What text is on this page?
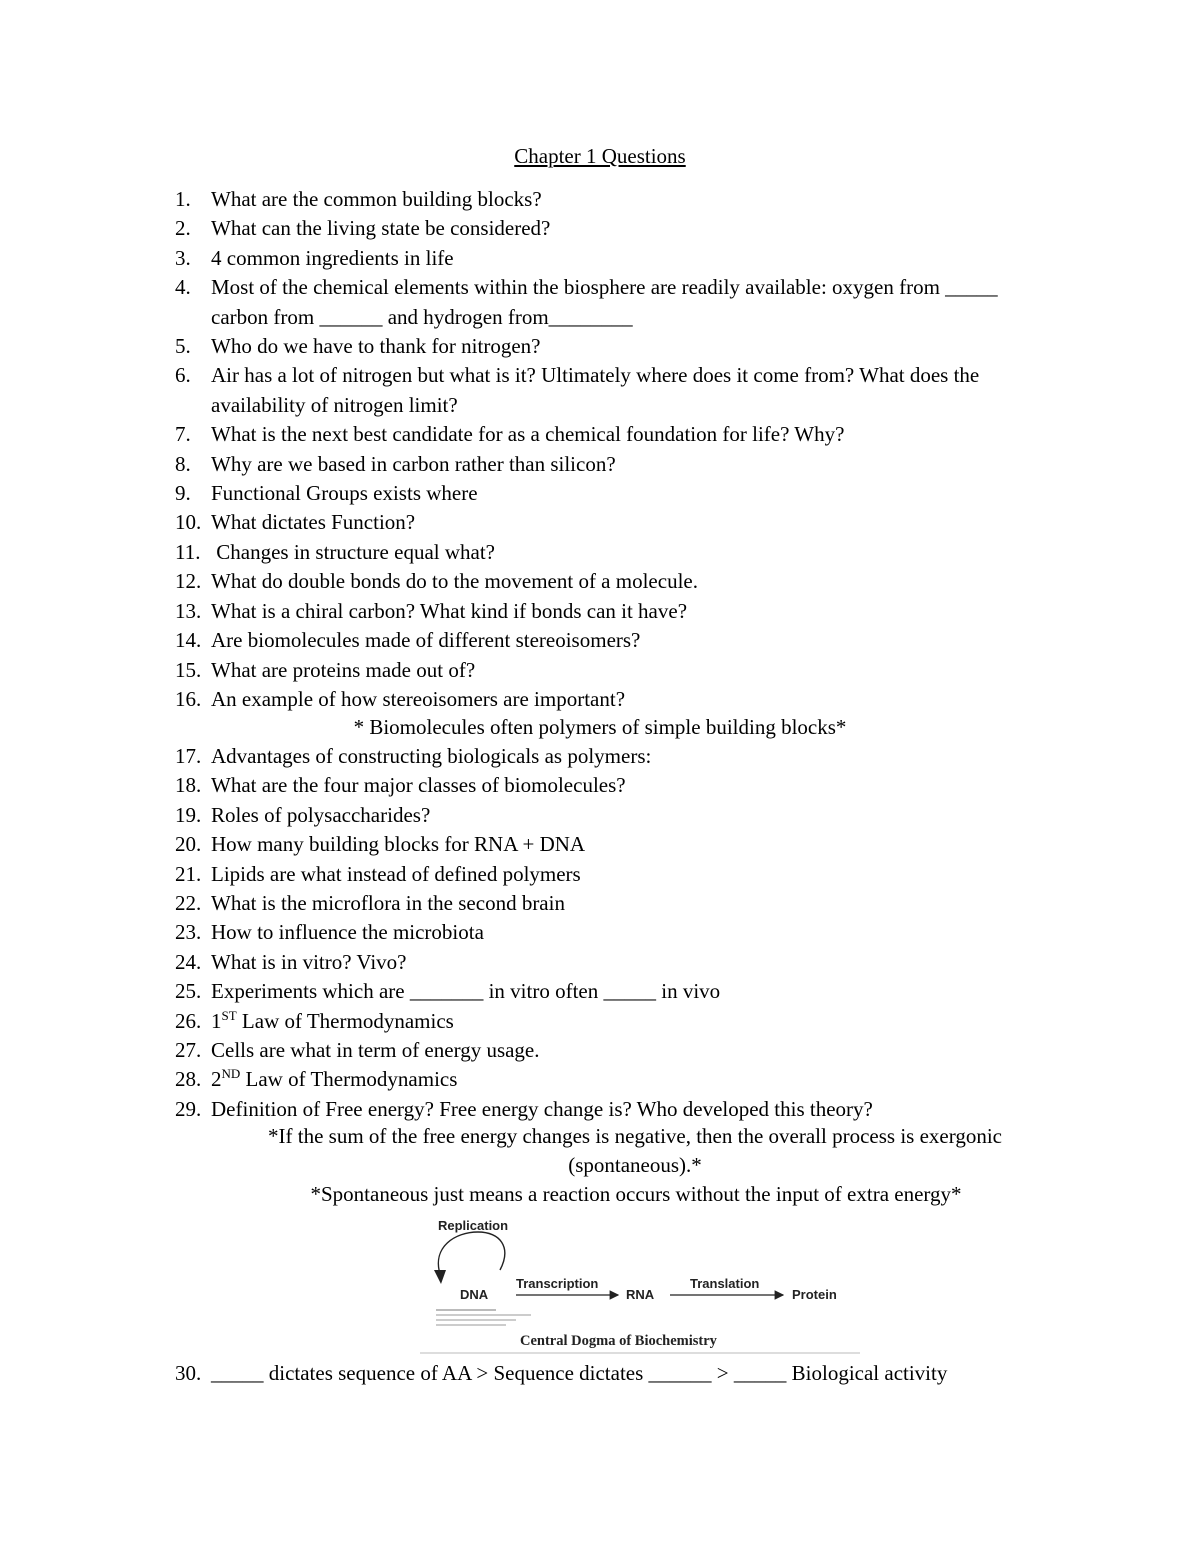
Chapter 1 Questions
1. What are the common building blocks?
2. What can the living state be considered?
3. 4 common ingredients in life
4. Most of the chemical elements within the biosphere are readily available: oxygen from _____ carbon from ______ and hydrogen from________
5. Who do we have to thank for nitrogen?
6. Air has a lot of nitrogen but what is it? Ultimately where does it come from? What does the availability of nitrogen limit?
7. What is the next best candidate for as a chemical foundation for life? Why?
8. Why are we based in carbon rather than silicon?
9. Functional Groups exists where
10. What dictates Function?
11. Changes in structure equal what?
12. What do double bonds do to the movement of a molecule.
13. What is a chiral carbon? What kind if bonds can it have?
14. Are biomolecules made of different stereoisomers?
15. What are proteins made out of?
16. An example of how stereoisomers are important?
* Biomolecules often polymers of simple building blocks*
17. Advantages of constructing biologicals as polymers:
18. What are the four major classes of biomolecules?
19. Roles of polysaccharides?
20. How many building blocks for RNA + DNA
21. Lipids are what instead of defined polymers
22. What is the microflora in the second brain
23. How to influence the microbiota
24. What is in vitro? Vivo?
25. Experiments which are _______ in vitro often _____ in vivo
26. 1ST Law of Thermodynamics
27. Cells are what in term of energy usage.
28. 2ND Law of Thermodynamics
29. Definition of Free energy? Free energy change is? Who developed this theory?
*If the sum of the free energy changes is negative, then the overall process is exergonic (spontaneous).*
*Spontaneous just means a reaction occurs without the input of extra energy*
Replication
DNA
Transcription
RNA
Translation
Protein
Central Dogma of Biochemistry
30. _____ dictates sequence of AA > Sequence dictates ______ > _____ Biological activity
